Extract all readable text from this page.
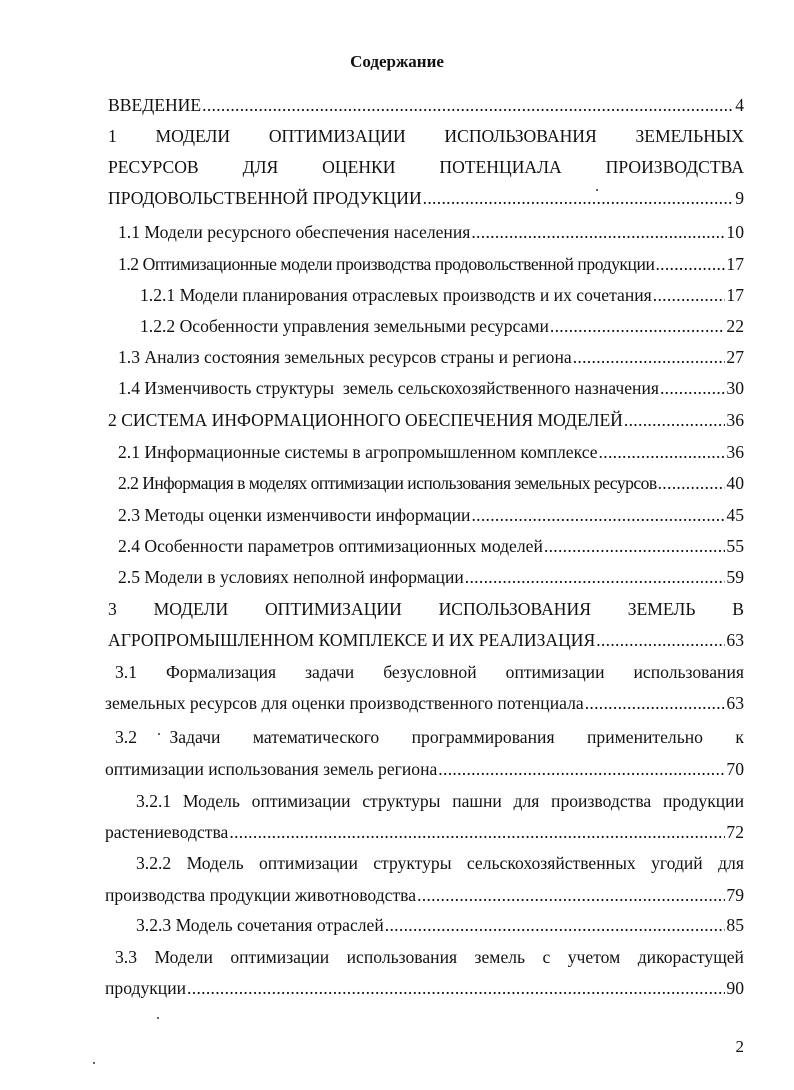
Содержание
ВВЕДЕНИЕ .....	4
1 МОДЕЛИ ОПТИМИЗАЦИИ ИСПОЛЬЗОВАНИЯ ЗЕМЕЛЬНЫХ
РЕСУРСОВ ДЛЯ ОЦЕНКИ ПОТЕНЦИАЛА ПРОИЗВОДСТВА
ПРОДОВОЛЬСТВЕННОЙ ПРОДУКЦИИ .....	9
1.1 Модели ресурсного обеспечения населения .....	10
1.2 Оптимизационные модели производства продовольственной продукции .....	17
1.2.1 Модели планирования отраслевых производств и их сочетания .....	17
1.2.2 Особенности управления земельными ресурсами .....	22
1.3 Анализ состояния земельных ресурсов страны и региона .....	27
1.4 Изменчивость структуры  земель сельскохозяйственного назначения .....	30
2 СИСТЕМА ИНФОРМАЦИОННОГО ОБЕСПЕЧЕНИЯ МОДЕЛЕЙ .....	36
2.1 Информационные системы в агропромышленном комплексе .....	36
2.2 Информация в моделях оптимизации использования земельных ресурсов .....	40
2.3 Методы оценки изменчивости информации .....	45
2.4 Особенности параметров оптимизационных моделей .....	55
2.5 Модели в условиях неполной информации .....	59
3 МОДЕЛИ ОПТИМИЗАЦИИ ИСПОЛЬЗОВАНИЯ ЗЕМЕЛЬ В
АГРОПРОМЫШЛЕННОМ КОМПЛЕКСЕ И ИХ РЕАЛИЗАЦИЯ .....	63
3.1 Формализация задачи безусловной оптимизации использования
земельных ресурсов для оценки производственного потенциала .....	63
3.2 Задачи математического программирования применительно к
оптимизации использования земель региона .....	70
3.2.1 Модель оптимизации структуры пашни для производства продукции
растениеводства .....	72
3.2.2 Модель оптимизации структуры сельскохозяйственных угодий для
производства продукции животноводства .....	79
3.2.3 Модель сочетания отраслей .....	85
3.3 Модели оптимизации использования земель с учетом дикорастущей
продукции .....	90
2
